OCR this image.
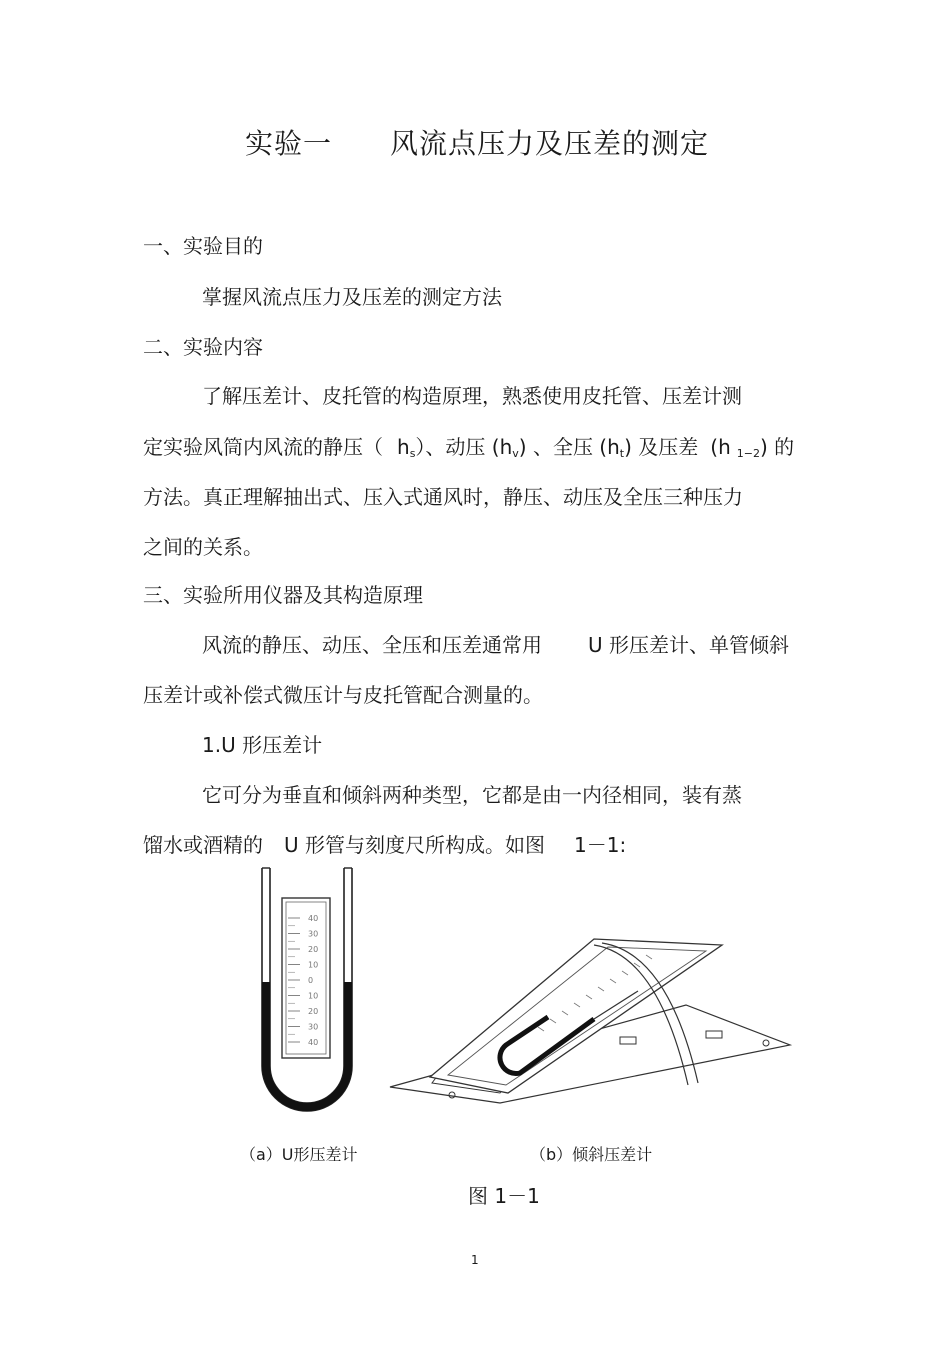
实验一 风流点压力及压差的测定
一、实验目的
掌握风流点压力及压差的测定方法
二、实验内容
了解压差计、皮托管的构造原理，熟悉使用皮托管、压差计测
定实验风筒内风流的静压（ $h_s$）、动压 $(h_v)$ 、全压 $(h_t)$ 及压差 (h $_{1-2}$) 的
方法。真正理解抽出式、压入式通风时，静压、动压及全压三种压力
之间的关系。
三、实验所用仪器及其构造原理
风流的静压、动压、全压和压差通常用 U 形压差计、单管倾斜
压差计或补偿式微压计与皮托管配合测量的。
1.U 形压差计
它可分为垂直和倾斜两种类型，它都是由一内径相同，装有蒸
馏水或酒精的 U 形管与刻度尺所构成。如图 1－1:
40
30
20
10
0
10
20
30
40
（a）U形压差计	（b）倾斜压差计
图 1－1
1
